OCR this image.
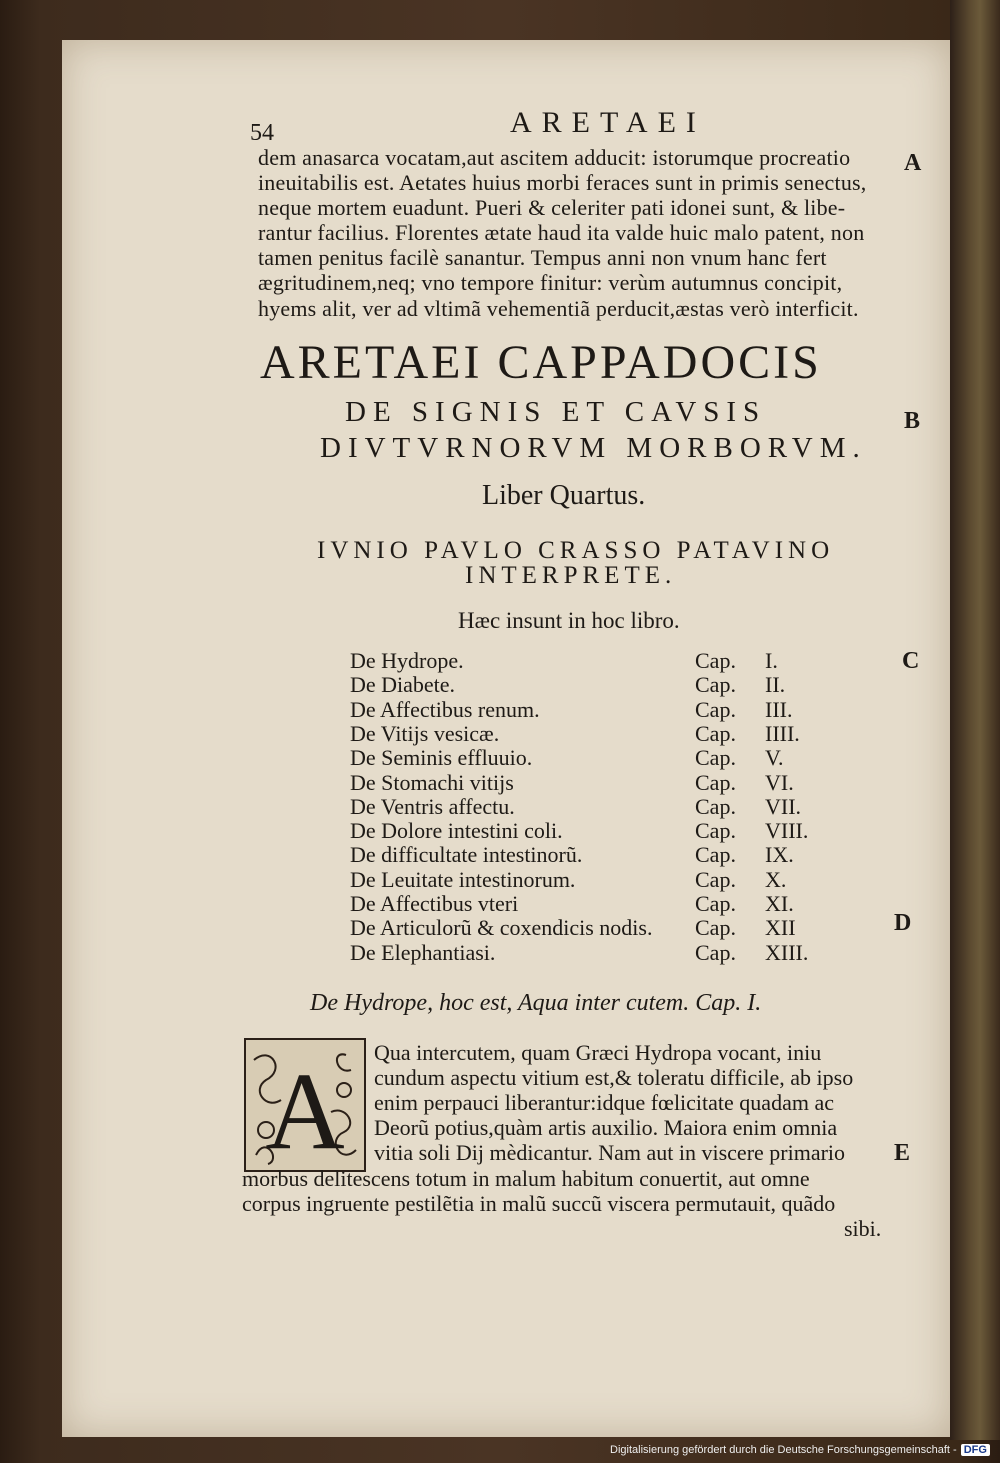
54	ARETAEI
A
B
C
D
E
dem anasarca vocatam,aut ascitem adducit: istorumque procreatio
ineuitabilis est. Aetates huius morbi feraces sunt in primis senectus,
neque mortem euadunt. Pueri & celeriter pati idonei sunt, & libe-
rantur facilius. Florentes ætate haud ita valde huic malo patent, non
tamen penitus facilè sanantur. Tempus anni non vnum hanc fert
ægritudinem,neq; vno tempore finitur: verùm autumnus concipit,
hyems alit, ver ad vltimã vehementiã perducit,æstas verò interficit.
ARETAEI CAPPADOCIS
DE SIGNIS ET CAVSIS
DIVTVRNORVM MORBORVM.
Liber Quartus.
IVNIO PAVLO CRASSO PATAVINO
INTERPRETE.
Hæc insunt in hoc libro.
De Hydrope.	Cap. I.
De Diabete.	Cap. II.
De Affectibus renum.	Cap. III.
De Vitijs vesicæ.	Cap. IIII.
De Seminis effluuio.	Cap. V.
De Stomachi vitijs	Cap. VI.
De Ventris affectu.	Cap. VII.
De Dolore intestini coli.	Cap. VIII.
De difficultate intestinorũ.	Cap. IX.
De Leuitate intestinorum.	Cap. X.
De Affectibus vteri	Cap. XI.
De Articulorũ & coxendicis nodis. Cap. XII
De Elephantiasi.	Cap. XIII.
De Hydrope, hoc est, Aqua inter cutem. Cap. I.
A Qua intercutem, quam Græci Hydropa vocant, iniu
cundum aspectu vitium est,& toleratu difficile, ab ipso
enim perpauci liberantur:idque fœlicitate quadam ac
Deorũ potius,quàm artis auxilio. Maiora enim omnia
vitia soli Dij mèdicantur. Nam aut in viscere primario
morbus delitescens totum in malum habitum conuertit, aut omne
corpus ingruente pestilẽtia in malũ succũ viscera permutauit, quãdo
sibi.
Digitalisierung gefördert durch die Deutsche Forschungsgemeinschaft - DFG
